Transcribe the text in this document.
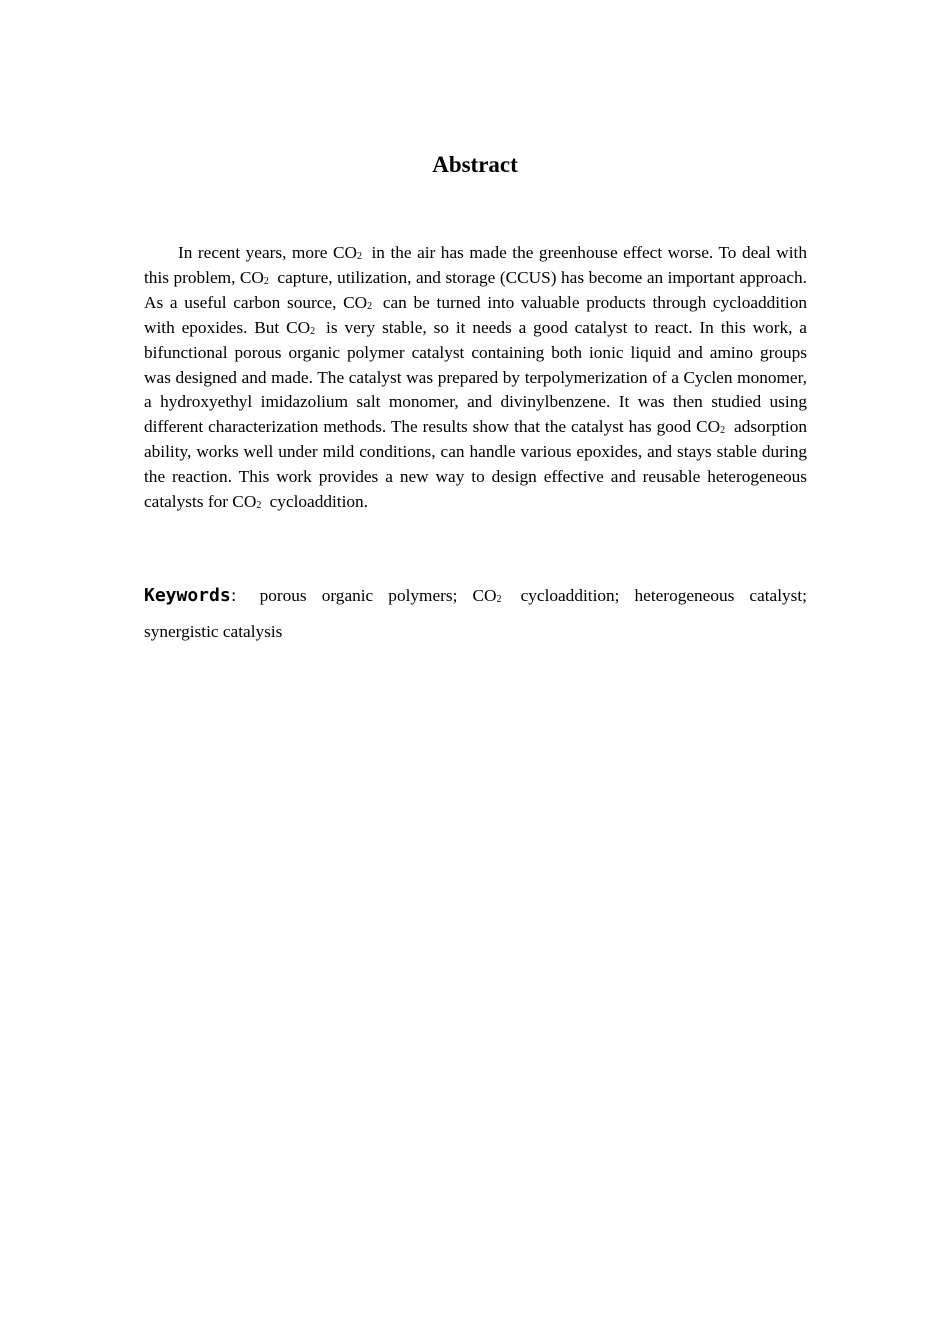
Abstract

In recent years, more $CO_2$ in the air has made the greenhouse effect worse. To deal with this problem, $CO_2$ capture, utilization, and storage (CCUS) has become an important approach. As a useful carbon source, $CO_2$ can be turned into valuable products through cycloaddition with epoxides. But $CO_2$ is very stable, so it needs a good catalyst to react. In this work, a bifunctional porous organic polymer catalyst containing both ionic liquid and amino groups was designed and made. The catalyst was prepared by terpolymerization of a Cyclen monomer, a hydroxyethyl imidazolium salt monomer, and divinylbenzene. It was then studied using different characterization methods. The results show that the catalyst has good $CO_2$ adsorption ability, works well under mild conditions, can handle various epoxides, and stays stable during the reaction. This work provides a new way to design effective and reusable heterogeneous catalysts for $CO_2$ cycloaddition.

Keywords: porous organic polymers; $CO_2$ cycloaddition; heterogeneous catalyst; synergistic catalysis
